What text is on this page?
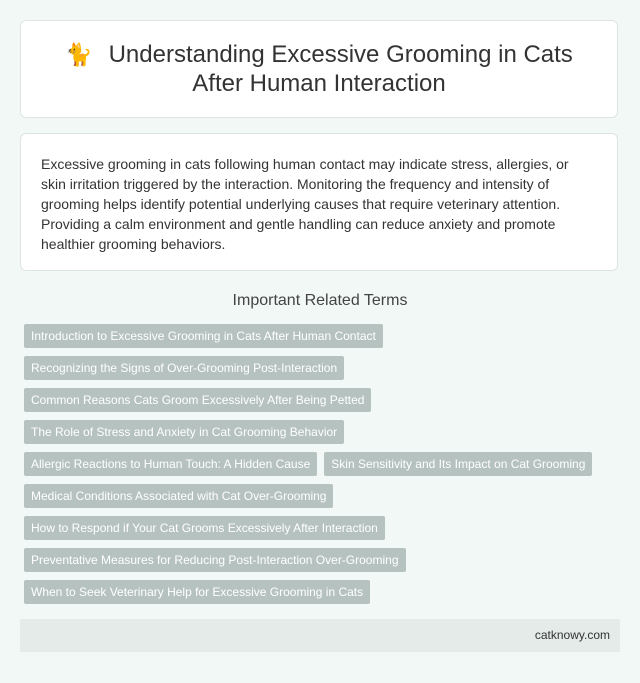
🐈 Understanding Excessive Grooming in Cats After Human Interaction

Excessive grooming in cats following human contact may indicate stress, allergies, or skin irritation triggered by the interaction. Monitoring the frequency and intensity of grooming helps identify potential underlying causes that require veterinary attention. Providing a calm environment and gentle handling can reduce anxiety and promote healthier grooming behaviors.

Important Related Terms
Introduction to Excessive Grooming in Cats After Human Contact
Recognizing the Signs of Over-Grooming Post-Interaction
Common Reasons Cats Groom Excessively After Being Petted
The Role of Stress and Anxiety in Cat Grooming Behavior
Allergic Reactions to Human Touch: A Hidden Cause	Skin Sensitivity and Its Impact on Cat Grooming
Medical Conditions Associated with Cat Over-Grooming
How to Respond if Your Cat Grooms Excessively After Interaction
Preventative Measures for Reducing Post-Interaction Over-Grooming
When to Seek Veterinary Help for Excessive Grooming in Cats
catknowy.com
